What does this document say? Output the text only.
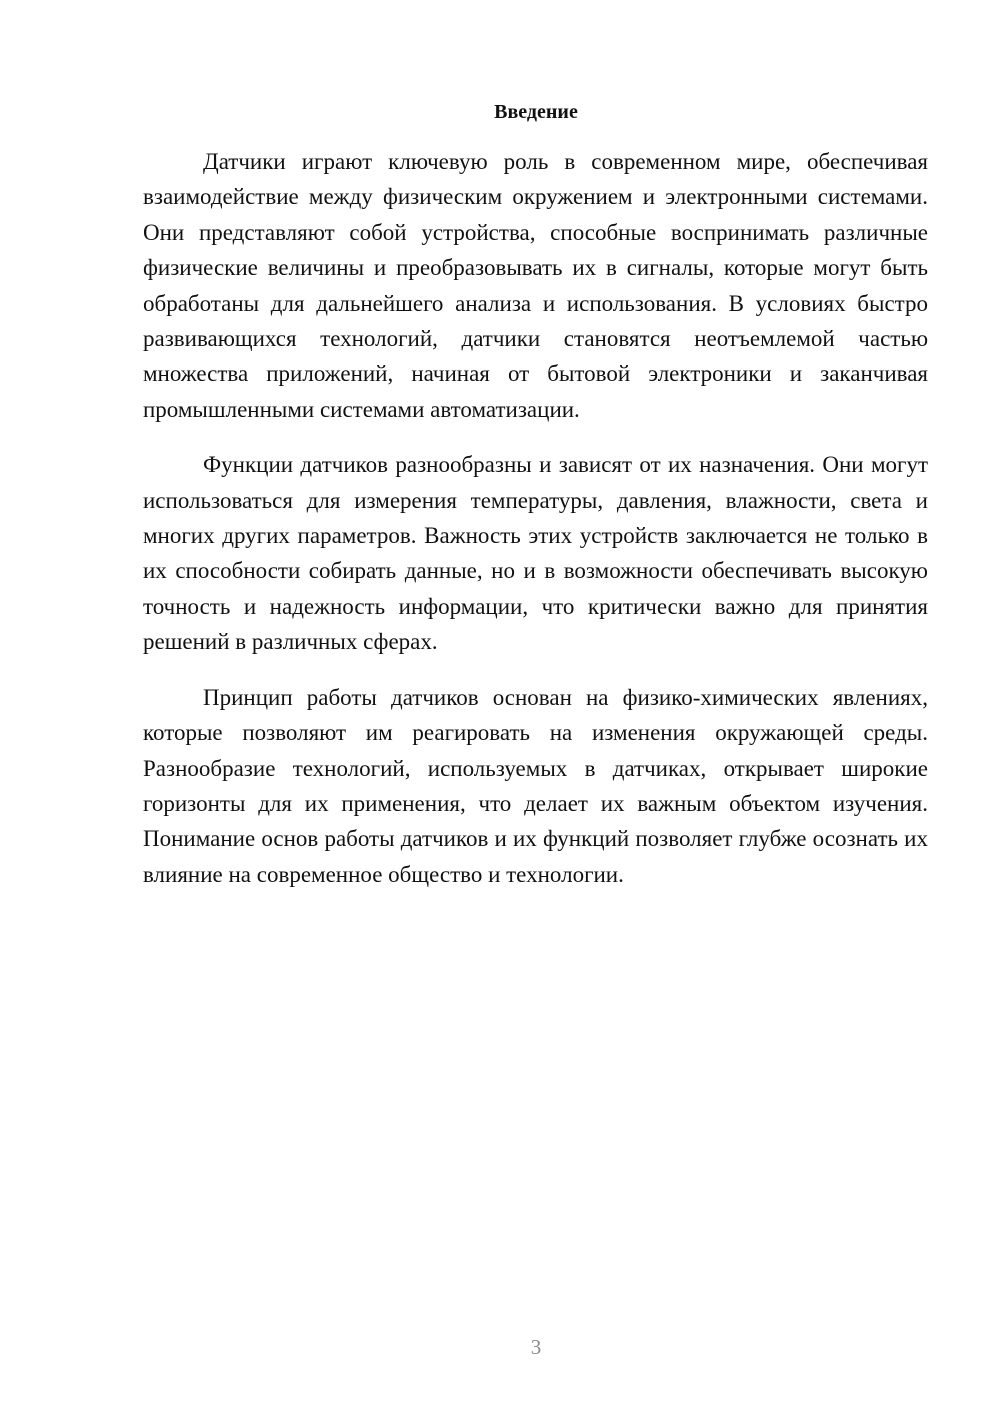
Введение

Датчики играют ключевую роль в современном мире, обеспечивая взаимодействие между физическим окружением и электронными системами. Они представляют собой устройства, способные воспринимать различные физические величины и преобразовывать их в сигналы, которые могут быть обработаны для дальнейшего анализа и использования. В условиях быстро развивающихся технологий, датчики становятся неотъемлемой частью множества приложений, начиная от бытовой электроники и заканчивая промышленными системами автоматизации.

Функции датчиков разнообразны и зависят от их назначения. Они могут использоваться для измерения температуры, давления, влажности, света и многих других параметров. Важность этих устройств заключается не только в их способности собирать данные, но и в возможности обеспечивать высокую точность и надежность информации, что критически важно для принятия решений в различных сферах.

Принцип работы датчиков основан на физико-химических явлениях, которые позволяют им реагировать на изменения окружающей среды. Разнообразие технологий, используемых в датчиках, открывает широкие горизонты для их применения, что делает их важным объектом изучения. Понимание основ работы датчиков и их функций позволяет глубже осознать их влияние на современное общество и технологии.

3
